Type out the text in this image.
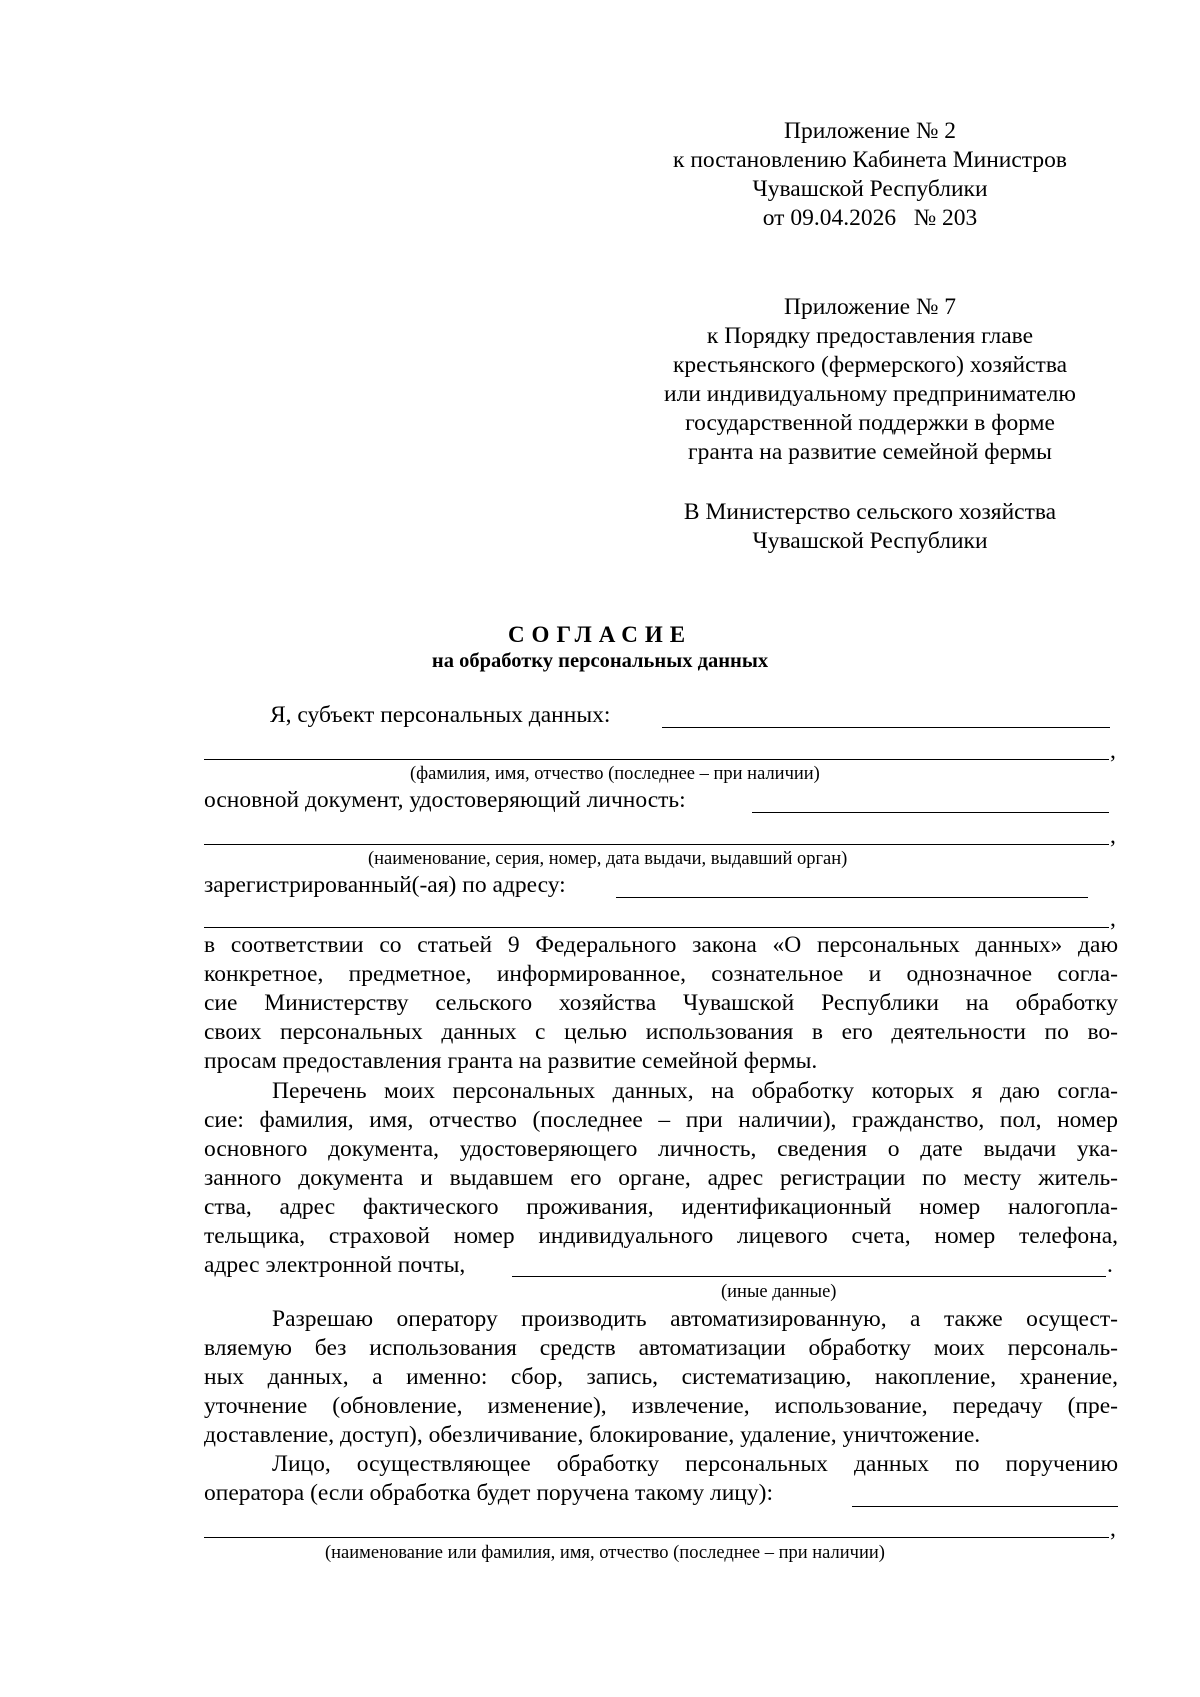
Приложение № 2
к постановлению Кабинета Министров
Чувашской Республики
от 09.04.2026   № 203
Приложение № 7
к Порядку предоставления главе
крестьянского (фермерского) хозяйства
или индивидуальному предпринимателю
государственной поддержки в форме
гранта на развитие семейной фермы
В Министерство сельского хозяйства
Чувашской Республики
СОГЛАСИЕ
на обработку персональных данных
Я, субъект персональных данных:
,
(фамилия, имя, отчество (последнее – при наличии)
основной документ, удостоверяющий личность:
,
(наименование, серия, номер, дата выдачи, выдавший орган)
зарегистрированный(-ая) по адресу:
,
в соответствии со статьей 9 Федерального закона «О персональных данных» даю
конкретное, предметное, информированное, сознательное и однозначное согла-
сие Министерству сельского хозяйства Чувашской Республики на обработку
своих персональных данных с целью использования в его деятельности по во-
просам предоставления гранта на развитие семейной фермы.
Перечень моих персональных данных, на обработку которых я даю согла-
сие: фамилия, имя, отчество (последнее – при наличии), гражданство, пол, номер
основного документа, удостоверяющего личность, сведения о дате выдачи ука-
занного документа и выдавшем его органе, адрес регистрации по месту житель-
ства, адрес фактического проживания, идентификационный номер налогопла-
тельщика, страховой номер индивидуального лицевого счета, номер телефона,
адрес электронной почты,	.
(иные данные)
Разрешаю оператору производить автоматизированную, а также осущест-
вляемую без использования средств автоматизации обработку моих персональ-
ных данных, а именно: сбор, запись, систематизацию, накопление, хранение,
уточнение (обновление, изменение), извлечение, использование, передачу (пре-
доставление, доступ), обезличивание, блокирование, удаление, уничтожение.
Лицо, осуществляющее обработку персональных данных по поручению
оператора (если обработка будет поручена такому лицу):
,
(наименование или фамилия, имя, отчество (последнее – при наличии)
